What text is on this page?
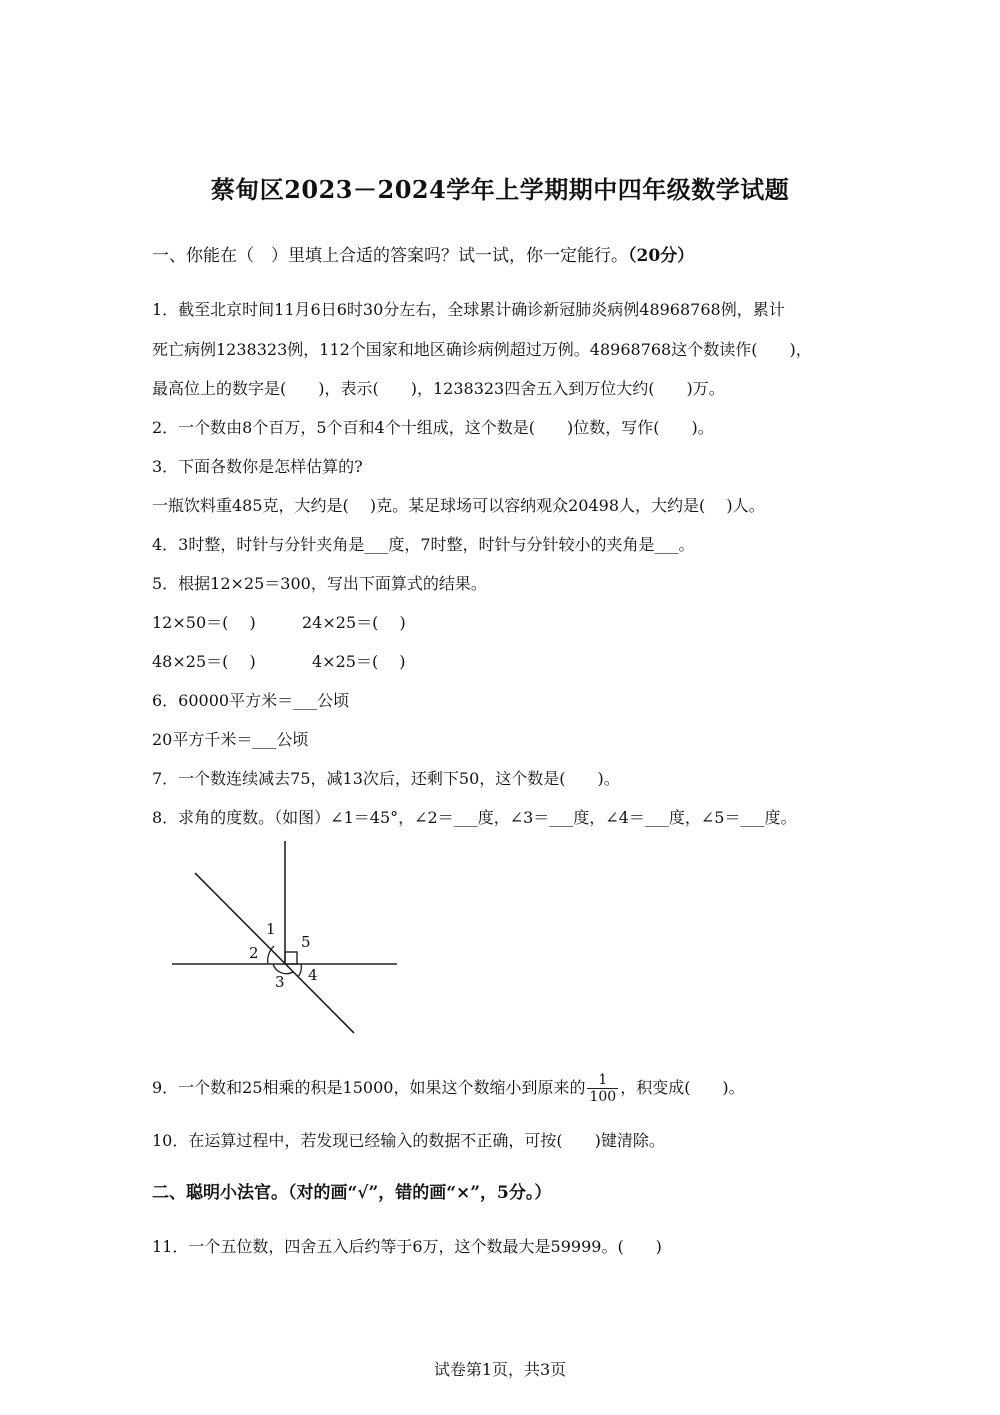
蔡甸区2023－2024学年上学期期中四年级数学试题
一、你能在（　）里填上合适的答案吗？试一试，你一定能行。（20分）
1．截至北京时间11月6日6时30分左右，全球累计确诊新冠肺炎病例48968768例，累计
死亡病例1238323例，112个国家和地区确诊病例超过万例。48968768这个数读作(　　)，
最高位上的数字是(　　)，表示(　　)，1238323四舍五入到万位大约(　　)万。
2．一个数由8个百万，5个百和4个十组成，这个数是(　　)位数，写作(　　)。
3．下面各数你是怎样估算的?
一瓶饮料重485克，大约是(　 )克。某足球场可以容纳观众20498人，大约是(　 )人。
4．3时整，时针与分针夹角是___度，7时整，时针与分针较小的夹角是___。
5．根据12×25＝300，写出下面算式的结果。
12×50＝(　 )	24×25＝(　 )
48×25＝(　 )	4×25＝(　 )
6．60000平方米＝___公顷
20平方千米＝___公顷
7．一个数连续减去75，减13次后，还剩下50，这个数是(　　)。
8．求角的度数。（如图）∠1＝45°，∠2＝___度，∠3＝___度，∠4＝___度，∠5＝___度。
1
2
3 4
5
9．一个数和25相乘的积是15000，如果这个数缩小到原来的 $\frac{1}{100}$ ，积变成(　　)。
10．在运算过程中，若发现已经输入的数据不正确，可按(　　)键清除。
二、聪明小法官。（对的画“√”，错的画“×”，5分。）
11．一个五位数，四舍五入后约等于6万，这个数最大是59999。(　　)
试卷第1页，共3页
